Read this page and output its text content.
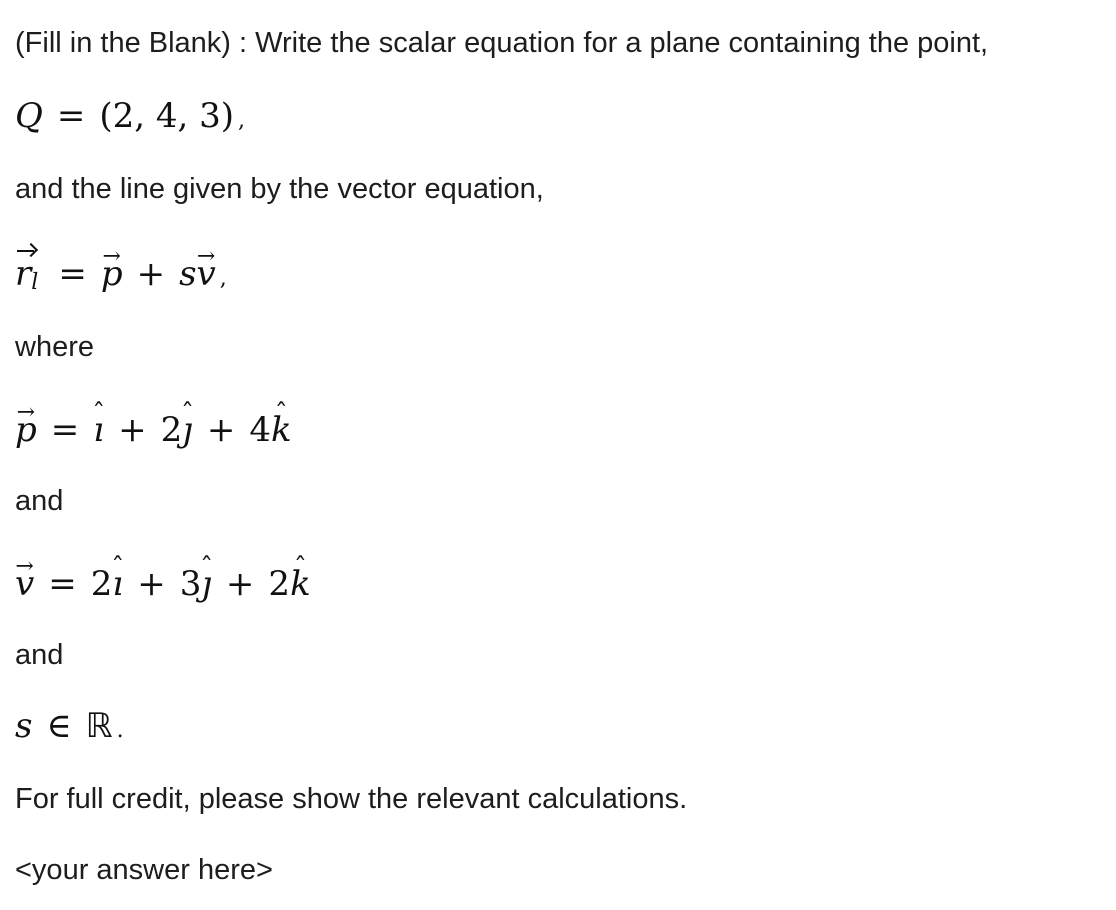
(Fill in the Blank) : Write the scalar equation for a plane containing the point,
Q = (2, 4, 3) ,
and the line given by the vector equation,
rl = → p + s→ v ,
where
→ p = ˆ ı + 2ˆ ȷ + 4ˆ k
and
→ v = 2ˆ ı + 3ˆ ȷ + 2ˆ k
and
s ∈ ℝ .
For full credit, please show the relevant calculations.
<your answer here>
